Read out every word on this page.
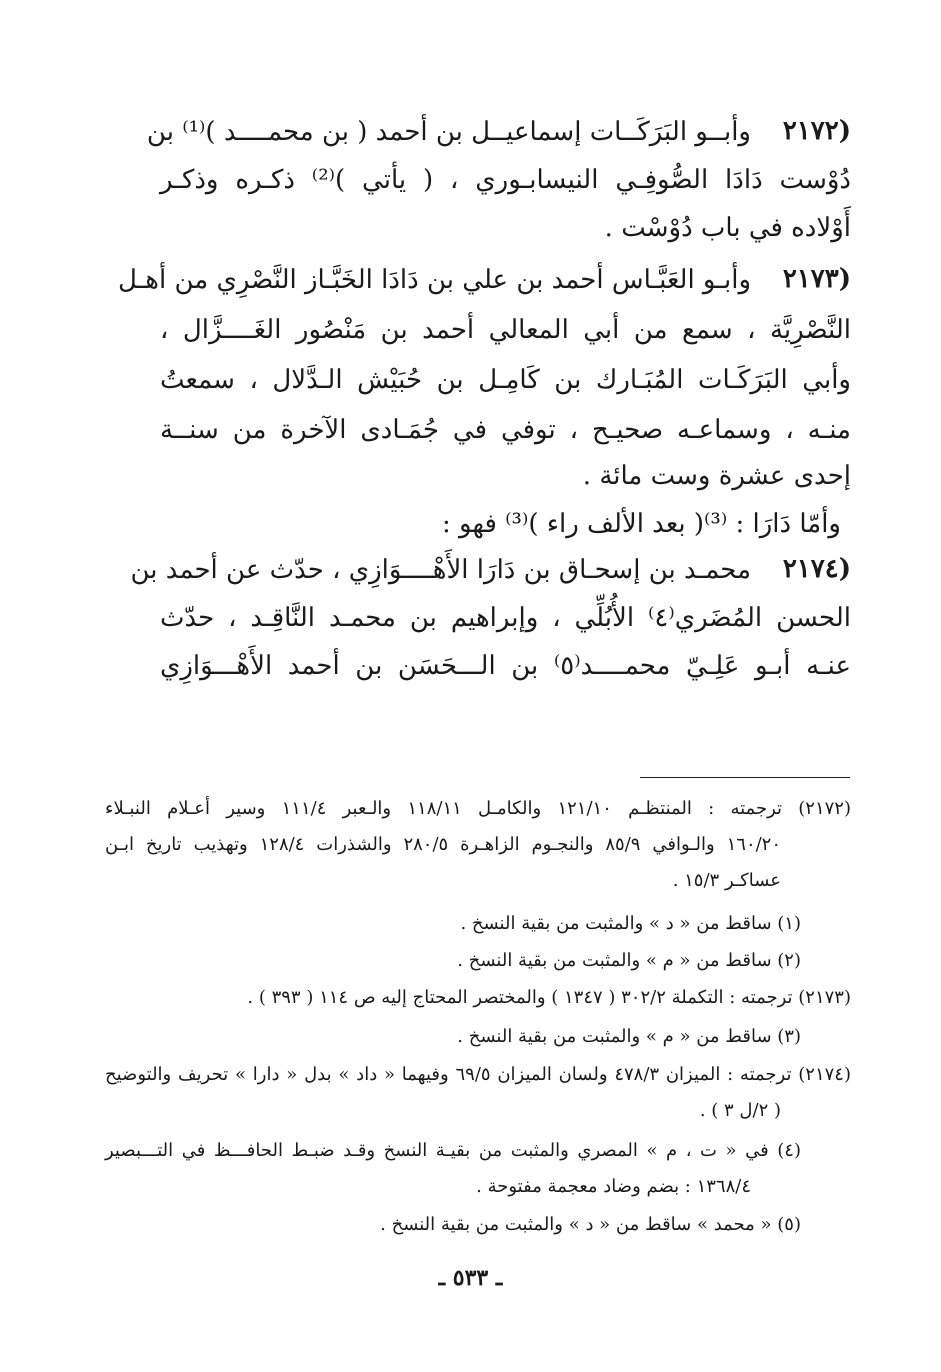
(٢١٧٢
وأبــو البَرَكَــات إسماعيــل بن أحمد ( بن محمــــد )⁽¹⁾ بن
دُوْست دَادَا الصُّوفِـي النيسابـوري ، ( يأتي )⁽²⁾ ذكـره وذكـر
أَوْلاده في باب دُوْسْت .
(٢١٧٣
وأبـو العَبَّـاس أحمد بن علي بن دَادَا الخَبَّـاز النَّصْرِي من أهـل
النَّصْرِيَّة ، سمع من أبي المعالي أحمد بن مَنْصُور الغَــــزَّال ،
وأبي البَرَكَـات المُبَـارك بن كَامِـل بن حُبَيْش الـدَّلال ، سمعتُ
منـه ، وسماعـه صحيـح ، توفي في جُمَـادى الآخرة من سنــة
إحدى عشرة وست مائة .
وأمّا دَارَا : ⁽³⁾( بعد الألف راء )⁽³⁾ فهو :
(٢١٧٤
محمـد بن إسحـاق بن دَارَا الأَهْــــوَازِي ، حدّث عن أحمد بن
الحسن المُضَري⁽٤⁾ الأُبُلِّي ، وإبراهيم بن محمـد النَّاقِـد ، حدّث
عنـه أبـو عَلِـيّ محمــــد⁽٥⁾ بن الـــحَسَن بن أحمد الأَهْـــوَازِي
(٢١٧٢) ترجمته : المنتظـم ١٢١/١٠ والكامـل ١١٨/١١ والـعبر ١١١/٤ وسير أعـلام النبـلاء
١٦٠/٢٠ والـوافي ٨٥/٩ والنجـوم الزاهـرة ٢٨٠/٥ والشذرات ١٢٨/٤ وتهذيب تاريخ ابـن
عساكـر ١٥/٣ .
(١) ساقط من « د » والمثبت من بقية النسخ .
(٢) ساقط من « م » والمثبت من بقية النسخ .
(٢١٧٣) ترجمته : التكملة ٣٠٢/٢ ( ١٣٤٧ ) والمختصر المحتاج إليه ص ١١٤ ( ٣٩٣ ) .
(٣) ساقط من « م » والمثبت من بقية النسخ .
(٢١٧٤) ترجمته : الميزان ٤٧٨/٣ ولسان الميزان ٦٩/٥ وفيهما « داد » بدل « دارا » تحريف والتوضيح
( ٢/ل ٣ ) .
(٤) في « ت ، م » المصري والمثبت من بقيـة النسخ وقـد ضبـط الحافـــظ في التـــبصير
١٣٦٨/٤ : بضم وضاد معجمة مفتوحة .
(٥) « محمد » ساقط من « د » والمثبت من بقية النسخ .
ـ ٥٣٣ ـ
